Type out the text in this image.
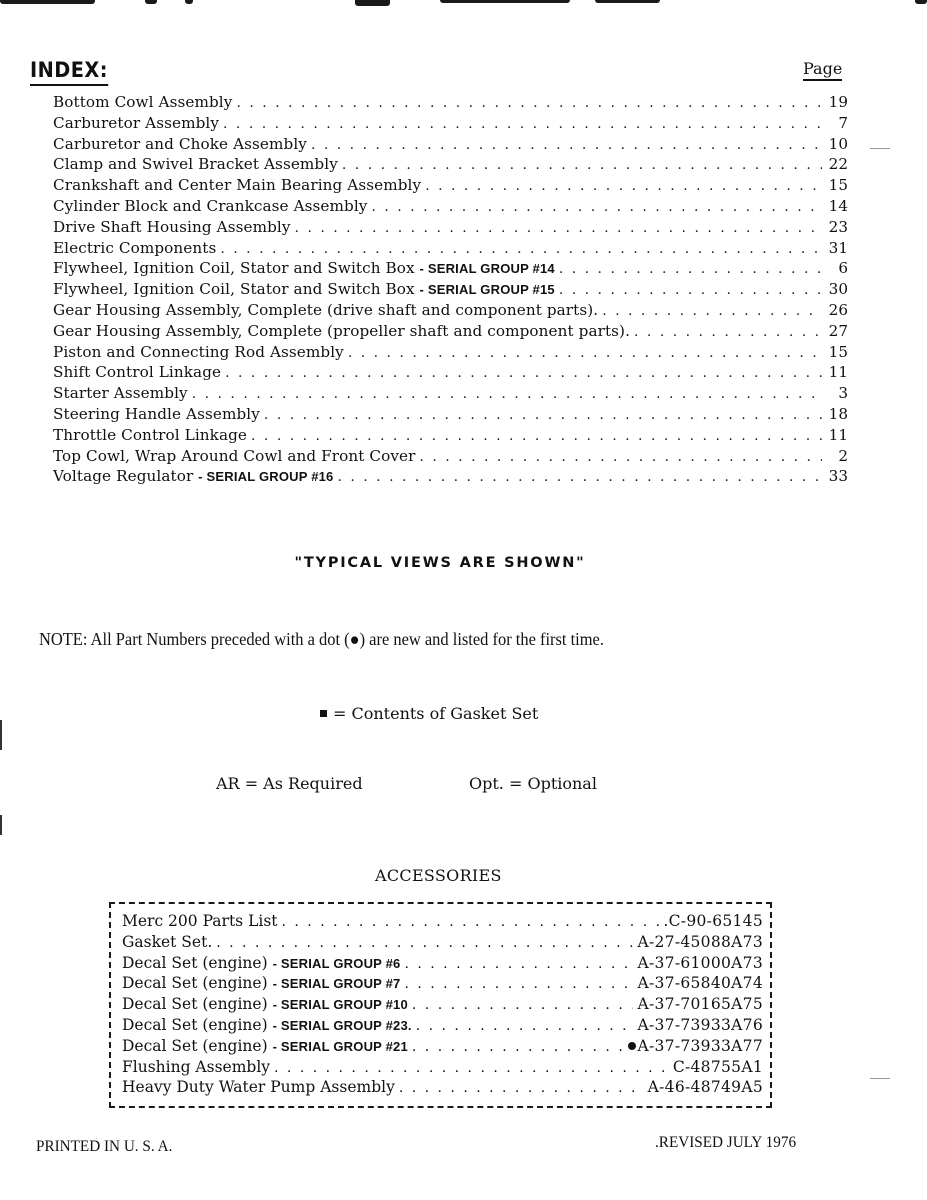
INDEX:	Page
Bottom Cowl Assembly . . .	19
Carburetor Assembly . . .	7
Carburetor and Choke Assembly . . .	10
Clamp and Swivel Bracket Assembly . . .	22
Crankshaft and Center Main Bearing Assembly . . .	15
Cylinder Block and Crankcase Assembly . . .	14
Drive Shaft Housing Assembly . . .	23
Electric Components . . .	31
Flywheel, Ignition Coil, Stator and Switch Box
- SERIAL GROUP #14 . . .	6
Flywheel, Ignition Coil, Stator and Switch Box
- SERIAL GROUP #15 . . .	30
Gear Housing Assembly, Complete (drive shaft and component parts). . . .	26
Gear Housing Assembly, Complete (propeller shaft and component parts). . . .	27
Piston and Connecting Rod Assembly . . .	15
Shift Control Linkage . . .	11
Starter Assembly . . .	3
Steering Handle Assembly . . .	18
Throttle Control Linkage . . .	11
Top Cowl, Wrap Around Cowl and Front Cover . . .	2
Voltage Regulator
- SERIAL GROUP #16 . . .	33
"TYPICAL VIEWS ARE SHOWN"
NOTE: All Part Numbers preceded with a dot (●) are new and listed for the first time.
= Contents of Gasket Set
AR = As Required	Opt. = Optional
ACCESSORIES
Merc 200 Parts List . . .	.C-90-65145
Gasket Set. . . .	A-27-45088A73
Decal Set (engine)
- SERIAL GROUP #6 . . .	A-37-61000A73
Decal Set (engine)
- SERIAL GROUP #7 . . .	A-37-65840A74
Decal Set (engine)
- SERIAL GROUP #10 . . .	A-37-70165A75
Decal Set (engine)
- SERIAL GROUP #23. . . .	A-37-73933A76
Decal Set (engine)
- SERIAL GROUP #21 . . .	A-37-73933A77
Flushing Assembly . . .	C-48755A1
Heavy Duty Water Pump Assembly . . .	A-46-48749A5
PRINTED IN U. S. A.	.REVISED JULY 1976
